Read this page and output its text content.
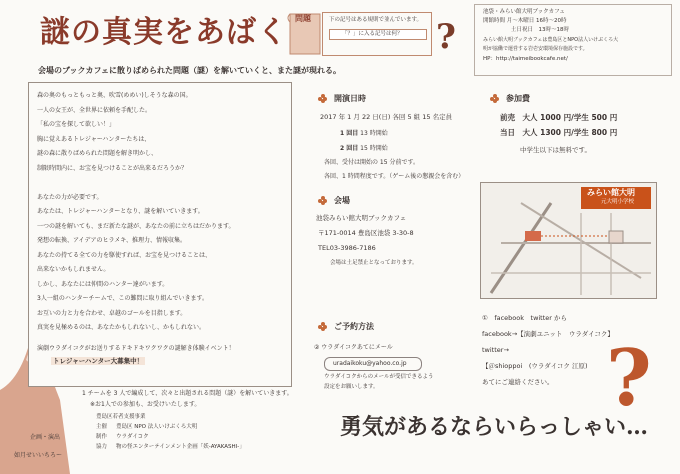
謎の真実をあばく
会場のブックカフェに散りばめられた問題（謎）を解いていくと、また謎が現れる。
問題	下の記号はある規則で並んでいます。
「？」に入る記号は何？ ?
池袋・みらい館大明ブックカフェ
開館時間 月～木曜日 16時～20時
土日祝日　13時～18時
みらい館大明ブックカフェは豊島区とNPO法人いけぶくろ大
明が協働で運営する岩壱安環境保存施設です。
HP：http://taimeibookcafe.net/
森の奥のもっともっと奥、吹雪(めめい)しそうな森の国。
一人の女王が、全世界に依頼を手配した。
「私の宝を探して欲しい！」
胸に覚えあるトレジャーハンターたちは、
謎の森に散りばめられた問題を解き明かし、
制限時間内に、お宝を見つけることが出来るだろうか？

あなたの力が必要です。
あなたは、トレジャーハンターとなり、謎を解いていきます。
一つの謎を解いても、まだ新たな謎が、あなたの前に立ちはだかります。
発想の転換、アイデアのヒラメキ、推理力、情報収集。
あなたの持てる全ての力を駆使すれば、お宝を見つけることは、
出来ないかもしれません。
しかし、あなたには仲間のハンター達がいます。
3人一組のハンターチームで、この難問に取り組んでいきます。
お互いの力と力を合わせ、卓越のゴールを目指します。
真実を見極めるのは、あなたかもしれないし、かもしれない。
演劇ウラダイコクがお送りするドキドキワクワクの謎解き体験イベント！
トレジャーハンター大募集中！
1 チームを 3 人で編成して、次々と出題される問題（謎）を解いていきます。
※お1人での参加も、お受けいたします。
豊島区若者支援事業
主催 豊島区 NPO 法人いけぶくろ大明
制作 ウラダイコク
協力 物の怪エンターテインメント企画「妖-AYAKASHI-」
企画・演出
如月せいいちろー
開演日時
2017 年 1 月 22 日(日) 各回 5 組 15 名定員
1 回目 13 時開始
2 回目 15 時開始
各回、受付は開始の 15 分前です。
各回、1 時間程度です。（ゲーム後の懇親会を含む）
会場
池袋みらい館大明ブックカフェ
〒171-0014 豊島区池袋 3-30-8
TEL03-3986-7186
会場は土足禁止となっております。
ご予約方法
② ウラダイコクあてにメール
uradaikoku@yahoo.co.jp
ウラダイコクからのメールが受信できるよう
設定をお願いします。
参加費
前売　 大人 1000 円/学生 500 円
当日　 大人 1300 円/学生 800 円
中学生以下は無料です。
みらい館大明
元大明小学校
①　facebook　twitter から
facebook→【演劇ユニット　ウラダイコク】
twitter→
【＠shioppoi　(ウラダイコク 江原)
あてにご連絡ください。 ?
勇気があるならいらっしゃい…
